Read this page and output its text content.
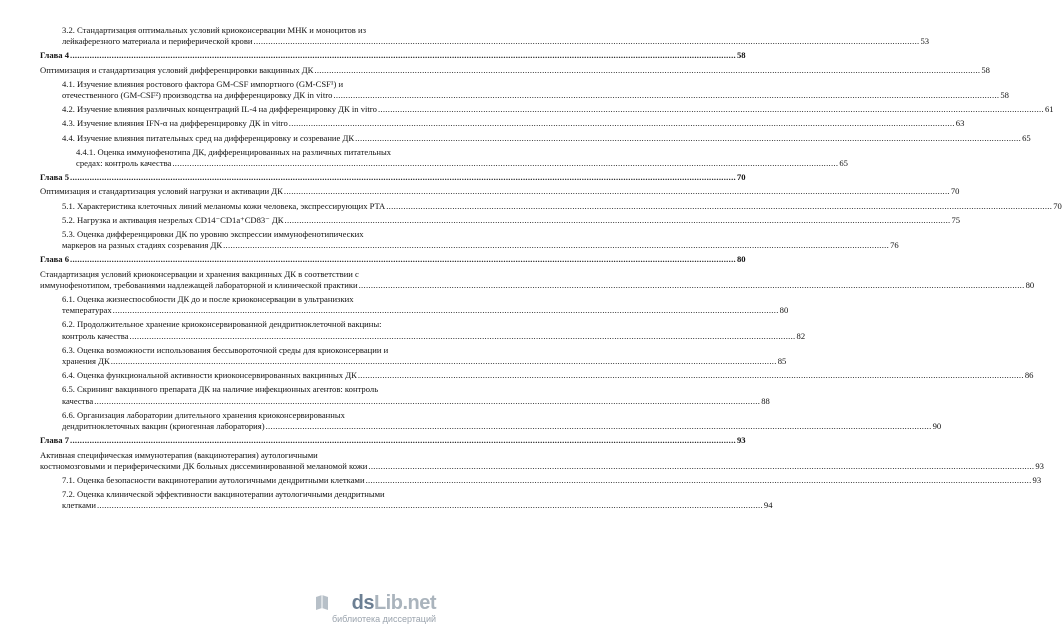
3.2. Стандартизация оптимальных условий криоконсервации МНК и моноцитов из
лейкаферезного материала и периферической крови .....	53
Глава 4 .....	58
Оптимизация и стандартизация условий дифференцировки вакцинных ДК .....	58
4.1. Изучение влияния ростового фактора GM-CSF импортного (GM-CSF¹) и
отечественного (GM-CSF²) производства на дифференцировку ДК in vitro .....	58
4.2. Изучение влияния различных концентраций IL-4 на дифференцировку ДК in vitro .....	61
4.3. Изучение влияния IFN-α на дифференцировку ДК in vitro .....	63
4.4. Изучение влияния питательных сред на дифференцировку и созревание ДК .....	65
4.4.1. Оценка иммунофенотипа ДК, дифференцированных на различных питательных
средах: контроль качества .....	65
Глава 5 .....	70
Оптимизация и стандартизация условий нагрузки и активации ДК .....	70
5.1. Характеристика клеточных линий меланомы кожи человека, экспрессирующих PTA .....	70
5.2. Нагрузка и активация незрелых CD14⁻CD1a⁺CD83⁻ ДК .....	75
5.3. Оценка дифференцировки ДК по уровню экспрессии иммунофенотипических
маркеров на разных стадиях созревания ДК .....	76
Глава 6 .....	80
Стандартизация условий криоконсервации и хранения вакцинных ДК в соответствии с
иммунофенотипом, требованиями надлежащей лабораторной и клинической практики .....	80
6.1. Оценка жизнеспособности ДК до и после криоконсервации в ультранизких
температурах .....	80
6.2. Продолжительное хранение криоконсервированной дендритноклеточной вакцины:
контроль качества .....	82
6.3. Оценка возможности использования бессывороточной среды для криоконсервации и
хранения ДК .....	85
6.4. Оценка функциональной активности криоконсервированных вакцинных ДК .....	86
6.5. Скрининг вакцинного препарата ДК на наличие инфекционных агентов: контроль
качества .....	88
6.6. Организация лаборатории длительного хранения криоконсервированных
дендритноклеточных вакцин (криогенная лаборатория) .....	90
Глава 7 .....	93
Активная специфическая иммунотерапия (вакцинотерапия) аутологичными
костномозговыми и периферическими ДК больных диссеминированной меланомой кожи .....	93
7.1. Оценка безопасности вакцинотерапии аутологичными дендритными клетками .....	93
7.2. Оценка клинической эффективности вакцинотерапии аутологичными дендритными
клетками .....	94
dsLib.net
библиотека диссертаций
